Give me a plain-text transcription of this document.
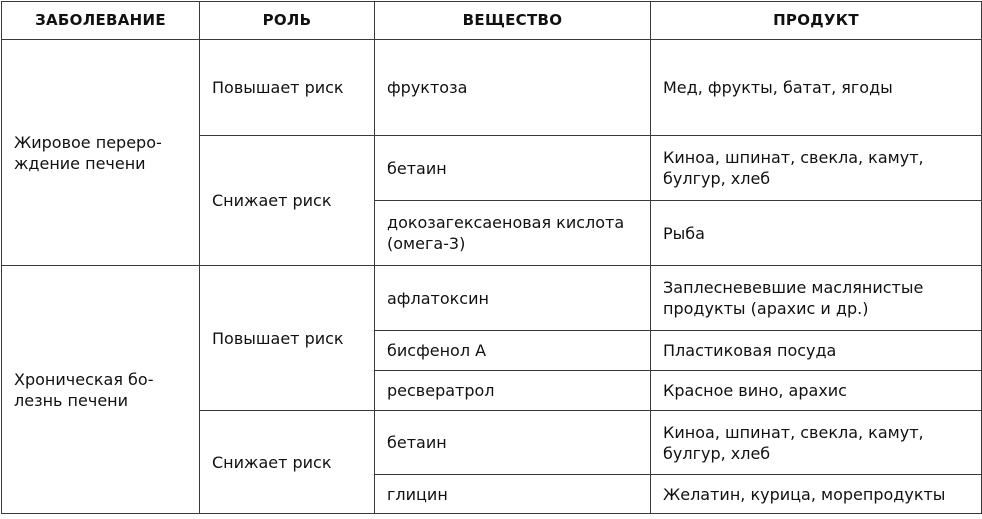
ЗАБОЛЕВАНИЕ	РОЛЬ	ВЕЩЕСТВО	ПРОДУКТ
Жировое переро-
ждение печени	Повышает риск	фруктоза	Мед, фрукты, батат, ягоды
	Снижает риск	бетаин	Киноа, шпинат, свекла, камут,
булгур, хлеб
		докозагексаеновая кислота
(омега-3)	Рыба
Хроническая бо-
лезнь печени	Повышает риск	афлатоксин	Заплесневевшие маслянистые
продукты (арахис и др.)
		бисфенол А	Пластиковая посуда
		ресвератрол	Красное вино, арахис
	Снижает риск	бетаин	Киноа, шпинат, свекла, камут,
булгур, хлеб
		глицин	Желатин, курица, морепродукты
